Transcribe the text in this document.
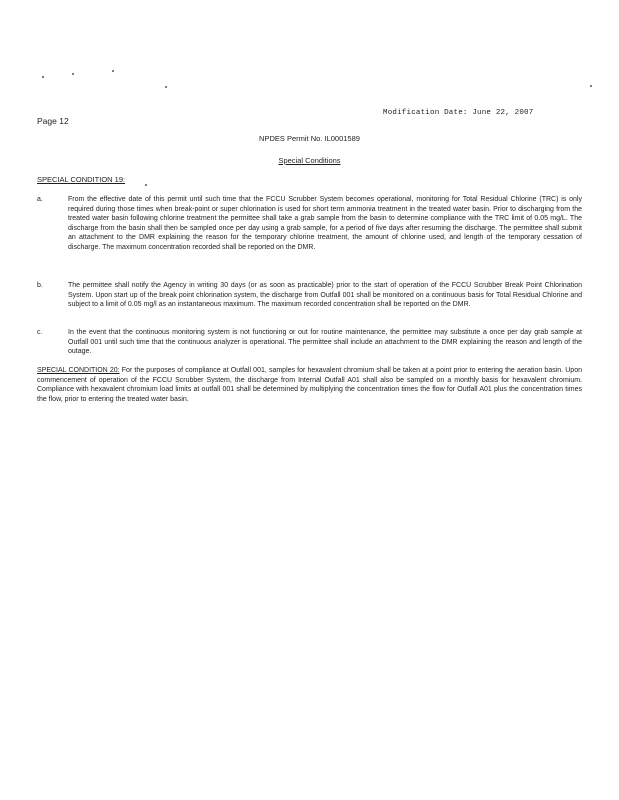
Page 12
Modification Date: June 22, 2007
NPDES Permit No. IL0001589
Special Conditions
SPECIAL CONDITION 19:
a.	From the effective date of this permit until such time that the FCCU Scrubber System becomes operational, monitoring for Total Residual Chlorine (TRC) is only required during those times when break-point or super chlorination is used for short term ammonia treatment in the treated water basin. Prior to discharging from the treated water basin following chlorine treatment the permittee shall take a grab sample from the basin to determine compliance with the TRC limit of 0.05 mg/L. The discharge from the basin shall then be sampled once per day using a grab sample, for a period of five days after resuming the discharge. The permittee shall submit an attachment to the DMR explaining the reason for the temporary chlorine treatment, the amount of chlorine used, and length of the temporary cessation of discharge. The maximum concentration recorded shall be reported on the DMR.
b.	The permittee shall notify the Agency in writing 30 days (or as soon as practicable) prior to the start of operation of the FCCU Scrubber Break Point Chlorination System. Upon start up of the break point chlorination system, the discharge from Outfall 001 shall be monitored on a continuous basis for Total Residual Chlorine and subject to a limit of 0.05 mg/l as an instantaneous maximum. The maximum recorded concentration shall be reported on the DMR.
c.	In the event that the continuous monitoring system is not functioning or out for routine maintenance, the permittee may substitute a once per day grab sample at Outfall 001 until such time that the continuous analyzer is operational. The permittee shall include an attachment to the DMR explaining the reason and length of the outage.
SPECIAL CONDITION 20: For the purposes of compliance at Outfall 001, samples for hexavalent chromium shall be taken at a point prior to entering the aeration basin. Upon commencement of operation of the FCCU Scrubber System, the discharge from Internal Outfall A01 shall also be sampled on a monthly basis for hexavalent chromium. Compliance with hexavalent chromium load limits at outfall 001 shall be determined by multiplying the concentration times the flow for Outfall A01 plus the concentration times the flow, prior to entering the treated water basin.
